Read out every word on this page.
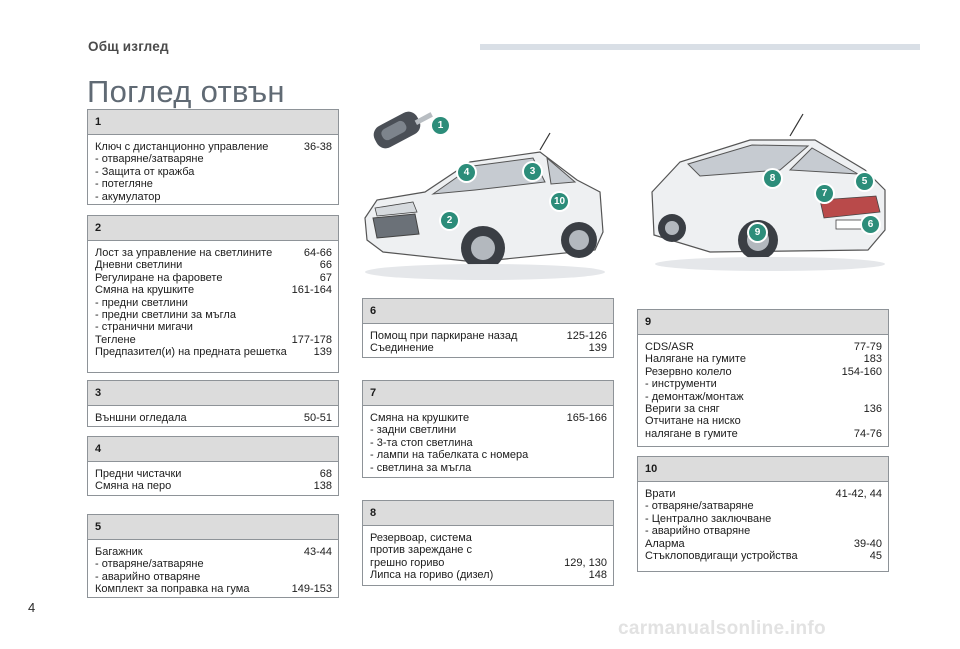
Общ изглед
Поглед отвън
1
2
3
4
10
8	5
7
9
6
1
Ключ с дистанционно управление	36-38
- отваряне/затваряне
- Защита от кражба
- потегляне
- акумулатор
2
Лост за управление на светлините	64-66
Дневни светлини	66
Регулиране на фаровете	67
Смяна на крушките	161-164
- предни светлини
- предни светлини за мъгла
- странични мигачи
Теглене	177-178
Предпазител(и) на предната решетка	139
3
Външни огледала	50-51
4
Предни чистачки	68
Смяна на перо	138
5
Багажник	43-44
- отваряне/затваряне
- аварийно отваряне
Комплект за поправка на гума	149-153
6
Помощ при паркиране назад	125-126
Съединение	139
7
Смяна на крушките	165-166
- задни светлини
- 3-та стоп светлина
- лампи на табелката с номера
- светлина за мъгла
8
Резервоар, система
против зареждане с
грешно гориво	129, 130
Липса на гориво (дизел)	148
9
CDS/ASR	77-79
Налягане на гумите	183
Резервно колело	154-160
- инструменти
- демонтаж/монтаж
Вериги за сняг	136
Отчитане на ниско
налягане в гумите	74-76
10
Врати	41-42, 44
- отваряне/затваряне
- Централно заключване
- аварийно отваряне
Аларма	39-40
Стъклоповдигащи устройства	45
4
carmanualsonline.info
